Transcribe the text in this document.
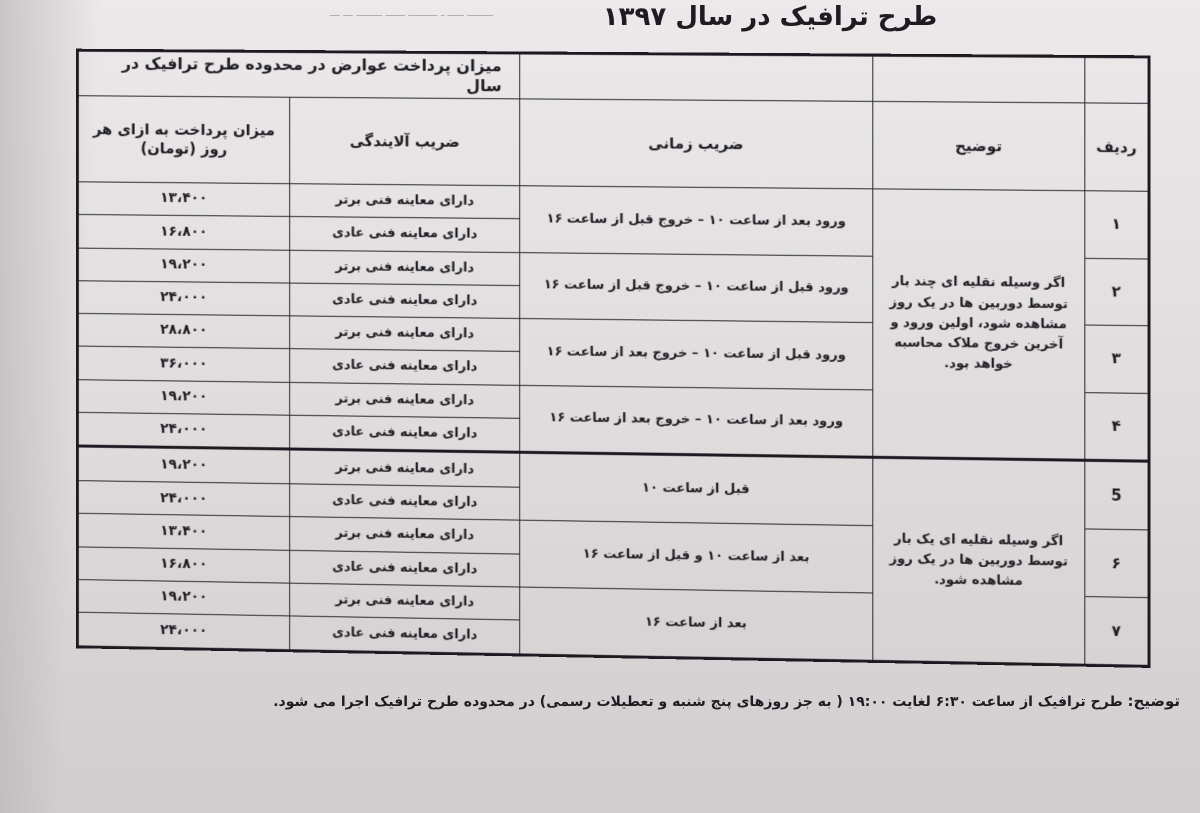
ــــــــ ـــــ ـ ـــــــــ ــــــ ــــــــ ـــ ـــ	طرح ترافیک در سال ۱۳۹۷
			میزان پرداخت عوارض در محدوده طرح ترافیک در سال	
ردیف	توضیح	ضریب زمانی	ضریب آلایندگی	میزان پرداخت به ازای هر روز (تومان)

۱	اگر وسیله نقلیه ای چند بار توسط دوربین ها در یک روز مشاهده شود، اولین ورود و آخرین خروج ملاک محاسبه خواهد بود.	ورود بعد از ساعت ۱۰ – خروج قبل از ساعت ۱۶	دارای معاینه فنی برتر	۱۳،۴۰۰
			دارای معاینه فنی عادی	۱۶،۸۰۰
۲		ورود قبل از ساعت ۱۰ – خروج قبل از ساعت ۱۶	دارای معاینه فنی برتر	۱۹،۲۰۰
			دارای معاینه فنی عادی	۲۴،۰۰۰
۳		ورود قبل از ساعت ۱۰ – خروج بعد از ساعت ۱۶	دارای معاینه فنی برتر	۲۸،۸۰۰
			دارای معاینه فنی عادی	۳۶،۰۰۰
۴		ورود بعد از ساعت ۱۰ – خروج بعد از ساعت ۱۶	دارای معاینه فنی برتر	۱۹،۲۰۰
			دارای معاینه فنی عادی	۲۴،۰۰۰
5	اگر وسیله نقلیه ای یک بار توسط دوربین ها در یک روز مشاهده شود.	قبل از ساعت ۱۰	دارای معاینه فنی برتر	۱۹،۲۰۰
			دارای معاینه فنی عادی	۲۴،۰۰۰
۶		بعد از ساعت ۱۰ و قبل از ساعت ۱۶	دارای معاینه فنی برتر	۱۳،۴۰۰
			دارای معاینه فنی عادی	۱۶،۸۰۰
۷		بعد از ساعت ۱۶	دارای معاینه فنی برتر	۱۹،۲۰۰
			دارای معاینه فنی عادی	۲۴،۰۰۰
توضیح: طرح ترافیک از ساعت ۶:۳۰ لغایت ۱۹:۰۰ ( به جز روزهای پنج شنبه و تعطیلات رسمی) در محدوده طرح ترافیک اجرا می شود.
